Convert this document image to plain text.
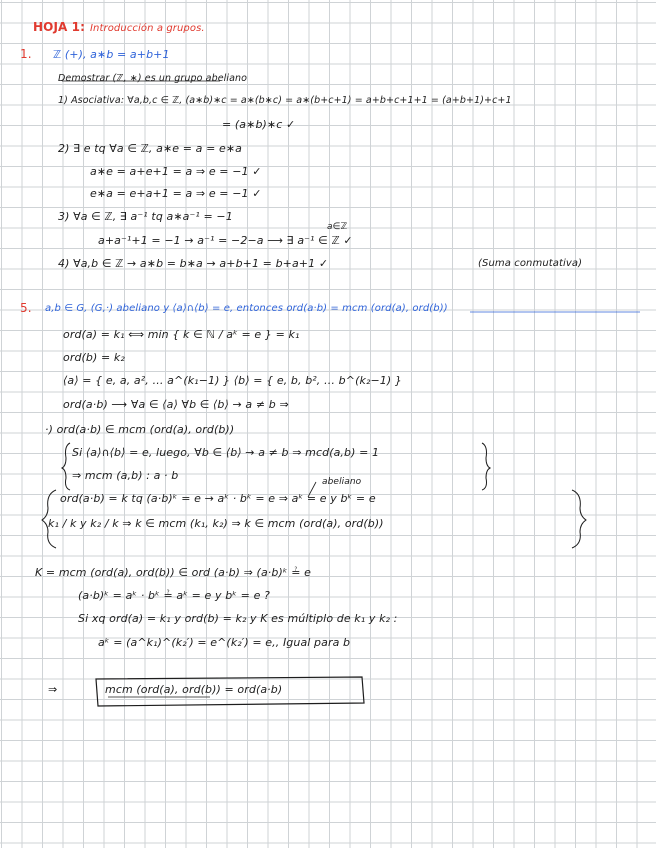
HOJA 1: Introducción a grupos.
1. ℤ (+), a∗b = a+b+1
Demostrar (ℤ, ∗) es un grupo abeliano
1) Asociativa: ∀a,b,c ∈ ℤ, (a∗b)∗c = a∗(b∗c) = a∗(b+c+1) = a+b+c+1+1 = (a+b+1)+c+1
= (a∗b)∗c ✓
2) ∃ e tq ∀a ∈ ℤ, a∗e = a = e∗a
a∗e = a+e+1 = a ⇒ e = −1 ✓
e∗a = e+a+1 = a ⇒ e = −1 ✓
3) ∀a ∈ ℤ, ∃ a⁻¹ tq a∗a⁻¹ = −1
a+a⁻¹+1 = −1 → a⁻¹ = −2−a ⟶ ∃ a⁻¹ ∈ ℤ ✓
a∈ℤ
4) ∀a,b ∈ ℤ → a∗b = b∗a → a+b+1 = b+a+1 ✓	(Suma conmutativa)
5. a,b ∈ G, (G,·) abeliano y ⟨a⟩∩⟨b⟩ = e, entonces ord(a·b) = mcm (ord(a), ord(b))
ord(a) = k₁ ⟺ min { k ∈ ℕ / aᵏ = e } = k₁
ord(b) = k₂
⟨a⟩ = { e, a, a², … a^(k₁−1) } ⟨b⟩ = { e, b, b², … b^(k₂−1) }
ord(a·b) ⟶ ∀a ∈ ⟨a⟩ ∀b ∈ ⟨b⟩ → a ≠ b ⇒
·) ord(a·b) ∈ mcm (ord(a), ord(b))
Si ⟨a⟩∩⟨b⟩ = e, luego, ∀b ∈ ⟨b⟩ → a ≠ b ⇒ mcd(a,b) = 1
⇒ mcm (a,b) : a · b
ord(a·b) = k tq (a·b)ᵏ = e → aᵏ · bᵏ = e ⇒ aᵏ = e y bᵏ = e
abeliano
k₁ / k y k₂ / k ⇒ k ∈ mcm (k₁, k₂) ⇒ k ∈ mcm (ord(a), ord(b))
K = mcm (ord(a), ord(b)) ∈ ord (a·b) ⇒ (a·b)ᵏ ≟ e
(a·b)ᵏ = aᵏ · bᵏ ≟ aᵏ = e y bᵏ = e ?
Si xq ord(a) = k₁ y ord(b) = k₂ y K es múltiplo de k₁ y k₂ :
aᵏ = (a^k₁)^(k₂′) = e^(k₂′) = e,, Igual para b
⇒	mcm (ord(a), ord(b)) = ord(a·b)
